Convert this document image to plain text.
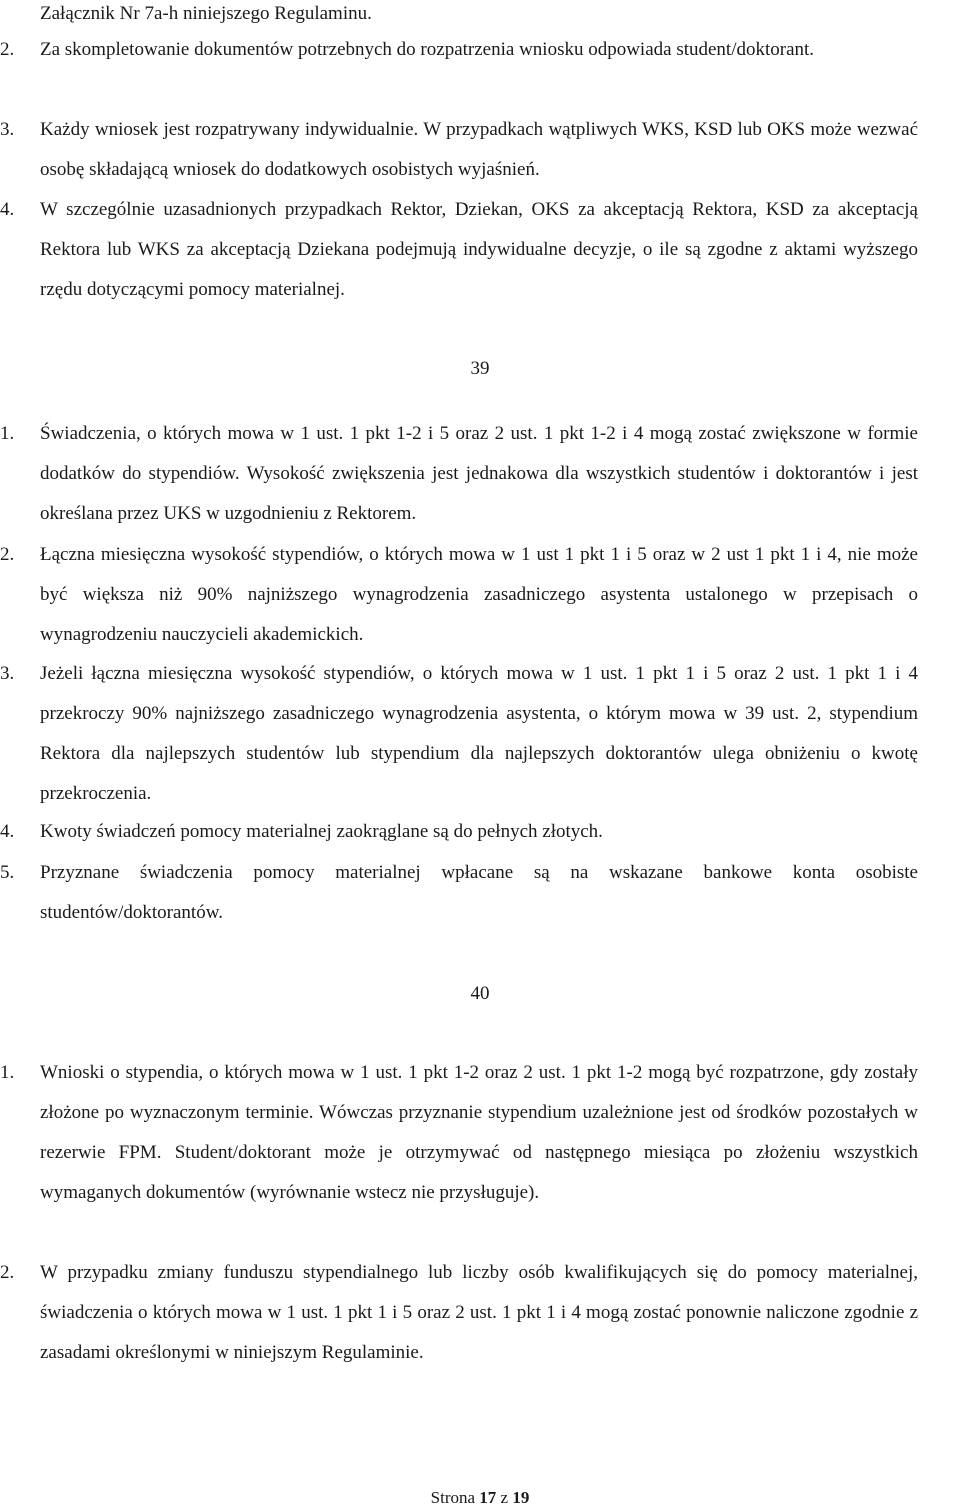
Załącznik Nr 7a-h niniejszego Regulaminu.
2. Za skompletowanie dokumentów potrzebnych do rozpatrzenia wniosku odpowiada student/doktorant.
3. Każdy wniosek jest rozpatrywany indywidualnie. W przypadkach wątpliwych WKS, KSD lub OKS może wezwać osobę składającą wniosek do dodatkowych osobistych wyjaśnień.
4. W szczególnie uzasadnionych przypadkach Rektor, Dziekan, OKS za akceptacją Rektora, KSD za akceptacją Rektora lub WKS za akceptacją Dziekana podejmują indywidualne decyzje, o ile są zgodne z aktami wyższego rzędu dotyczącymi pomocy materialnej.
39
1. Świadczenia, o których mowa w 1 ust. 1 pkt 1-2 i 5 oraz 2 ust. 1 pkt 1-2 i 4 mogą zostać zwiększone w formie dodatków do stypendiów. Wysokość zwiększenia jest jednakowa dla wszystkich studentów i doktorantów i jest określana przez UKS w uzgodnieniu z Rektorem.
2. Łączna miesięczna wysokość stypendiów, o których mowa w 1 ust 1 pkt 1 i 5 oraz w 2 ust 1 pkt 1 i 4, nie może być większa niż 90% najniższego wynagrodzenia zasadniczego asystenta ustalonego w przepisach o wynagrodzeniu nauczycieli akademickich.
3. Jeżeli łączna miesięczna wysokość stypendiów, o których mowa w 1 ust. 1 pkt 1 i 5 oraz 2 ust. 1 pkt 1 i 4 przekroczy 90% najniższego zasadniczego wynagrodzenia asystenta, o którym mowa w 39 ust. 2, stypendium Rektora dla najlepszych studentów lub stypendium dla najlepszych doktorantów ulega obniżeniu o kwotę przekroczenia.
4. Kwoty świadczeń pomocy materialnej zaokrąglane są do pełnych złotych.
5. Przyznane świadczenia pomocy materialnej wpłacane są na wskazane bankowe konta osobiste studentów/doktorantów.
40
1. Wnioski o stypendia, o których mowa w 1 ust. 1 pkt 1-2 oraz 2 ust. 1 pkt 1-2 mogą być rozpatrzone, gdy zostały złożone po wyznaczonym terminie. Wówczas przyznanie stypendium uzależnione jest od środków pozostałych w rezerwie FPM. Student/doktorant może je otrzymywać od następnego miesiąca po złożeniu wszystkich wymaganych dokumentów (wyrównanie wstecz nie przysługuje).
2. W przypadku zmiany funduszu stypendialnego lub liczby osób kwalifikujących się do pomocy materialnej, świadczenia o których mowa w 1 ust. 1 pkt 1 i 5 oraz 2 ust. 1 pkt 1 i 4 mogą zostać ponownie naliczone zgodnie z zasadami określonymi w niniejszym Regulaminie.
Strona 17 z 19
